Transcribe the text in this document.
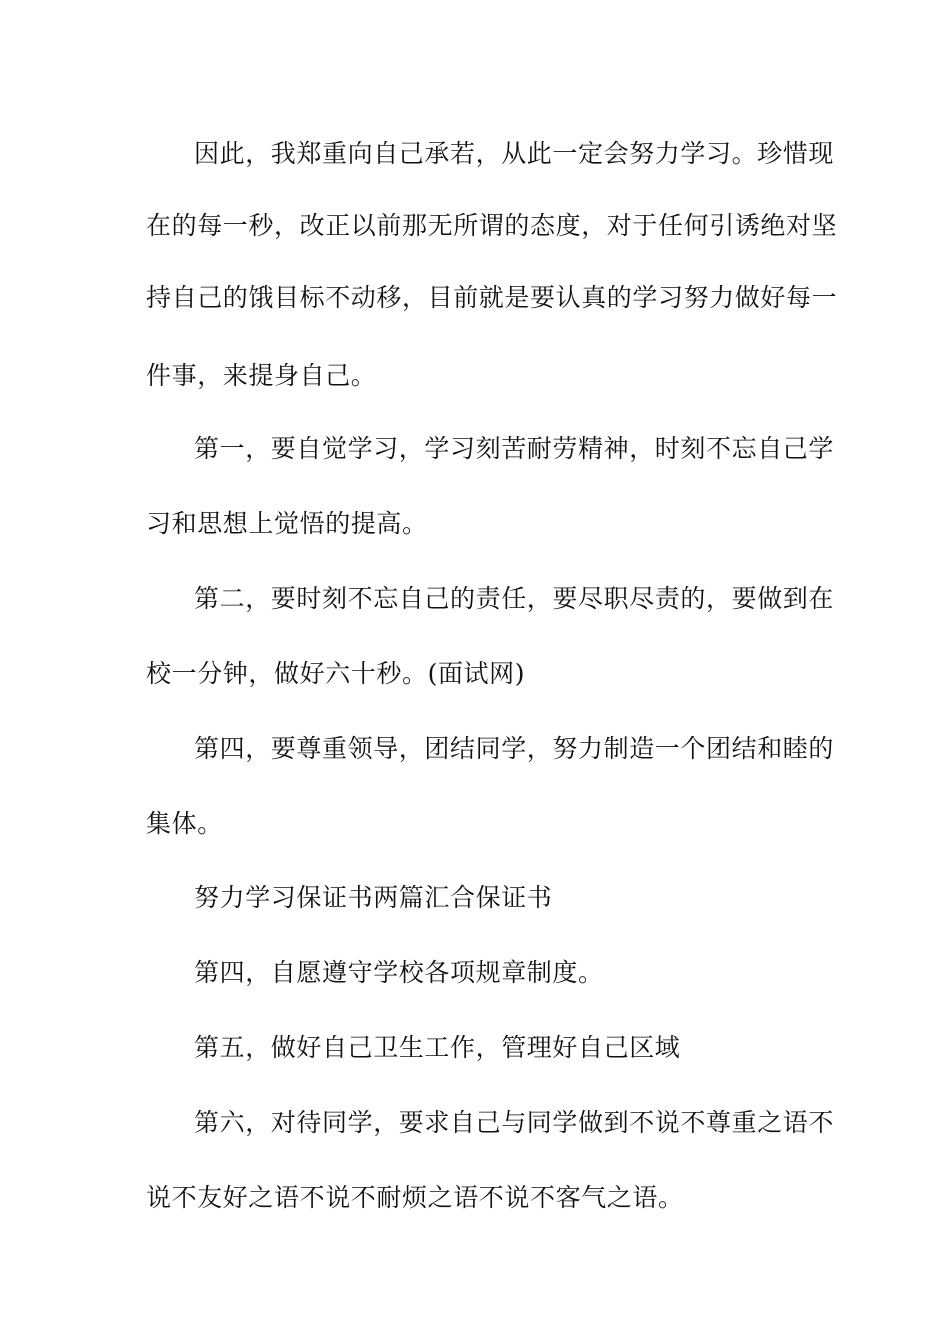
因此，我郑重向自己承若，从此一定会努力学习。珍惜现
在的每一秒，改正以前那无所谓的态度，对于任何引诱绝对坚
持自己的饿目标不动移，目前就是要认真的学习努力做好每一
件事，来提身自己。
第一，要自觉学习，学习刻苦耐劳精神，时刻不忘自己学
习和思想上觉悟的提高。
第二，要时刻不忘自己的责任，要尽职尽责的，要做到在
校一分钟，做好六十秒。(面试网)
第四，要尊重领导，团结同学，努力制造一个团结和睦的
集体。
努力学习保证书两篇汇合保证书
第四，自愿遵守学校各项规章制度。
第五，做好自己卫生工作，管理好自己区域
第六，对待同学，要求自己与同学做到不说不尊重之语不
说不友好之语不说不耐烦之语不说不客气之语。
